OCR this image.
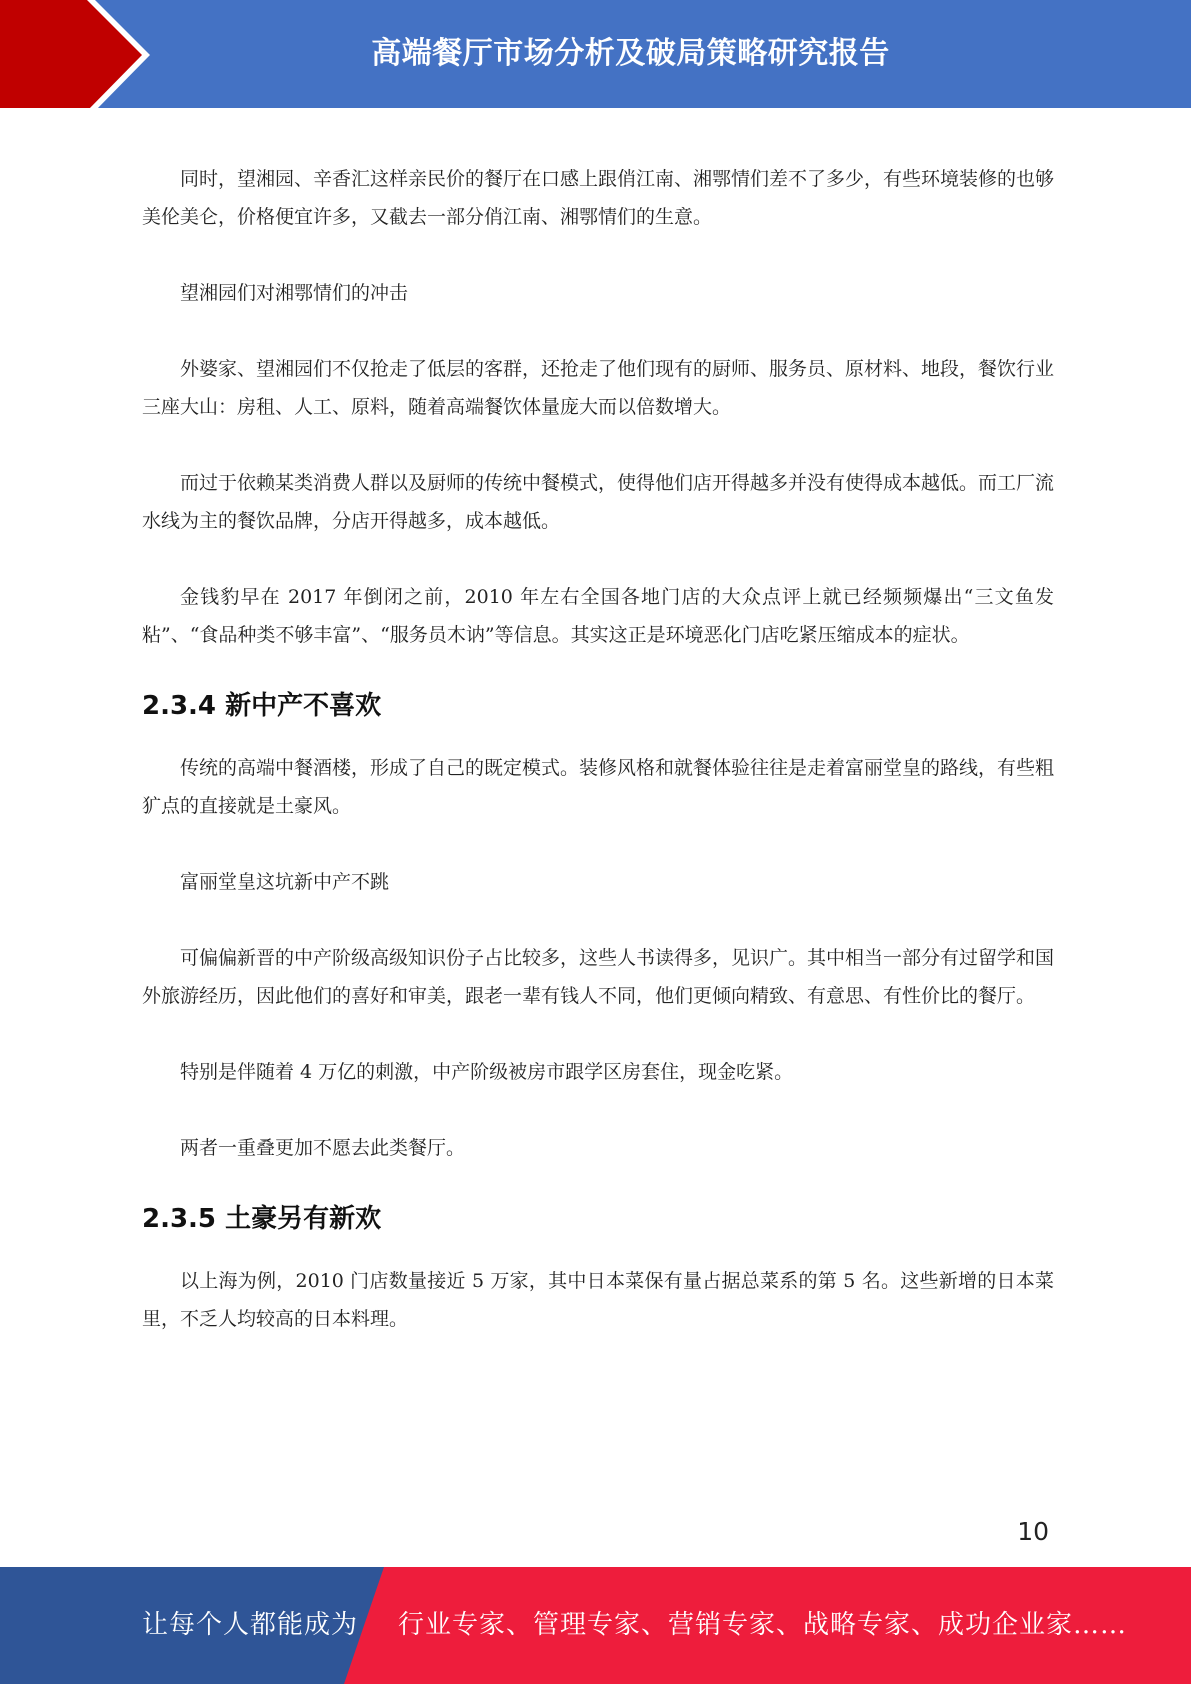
高端餐厅市场分析及破局策略研究报告

同时，望湘园、辛香汇这样亲民价的餐厅在口感上跟俏江南、湘鄂情们差不了多少，有些环境装修的也够美伦美仑，价格便宜许多，又截去一部分俏江南、湘鄂情们的生意。

望湘园们对湘鄂情们的冲击

外婆家、望湘园们不仅抢走了低层的客群，还抢走了他们现有的厨师、服务员、原材料、地段，餐饮行业三座大山：房租、人工、原料，随着高端餐饮体量庞大而以倍数增大。

而过于依赖某类消费人群以及厨师的传统中餐模式，使得他们店开得越多并没有使得成本越低。而工厂流水线为主的餐饮品牌，分店开得越多，成本越低。

金钱豹早在 2017 年倒闭之前，2010 年左右全国各地门店的大众点评上就已经频频爆出“三文鱼发粘”、“食品种类不够丰富”、“服务员木讷”等信息。其实这正是环境恶化门店吃紧压缩成本的症状。

2.3.4 新中产不喜欢

传统的高端中餐酒楼，形成了自己的既定模式。装修风格和就餐体验往往是走着富丽堂皇的路线，有些粗犷点的直接就是土豪风。

富丽堂皇这坑新中产不跳

可偏偏新晋的中产阶级高级知识份子占比较多，这些人书读得多，见识广。其中相当一部分有过留学和国外旅游经历，因此他们的喜好和审美，跟老一辈有钱人不同，他们更倾向精致、有意思、有性价比的餐厅。

特别是伴随着 4 万亿的刺激，中产阶级被房市跟学区房套住，现金吃紧。

两者一重叠更加不愿去此类餐厅。

2.3.5 土豪另有新欢

以上海为例，2010 门店数量接近 5 万家，其中日本菜保有量占据总菜系的第 5 名。这些新增的日本菜里，不乏人均较高的日本料理。

10
让每个人都能成为 行业专家、管理专家、营销专家、战略专家、成功企业家……
